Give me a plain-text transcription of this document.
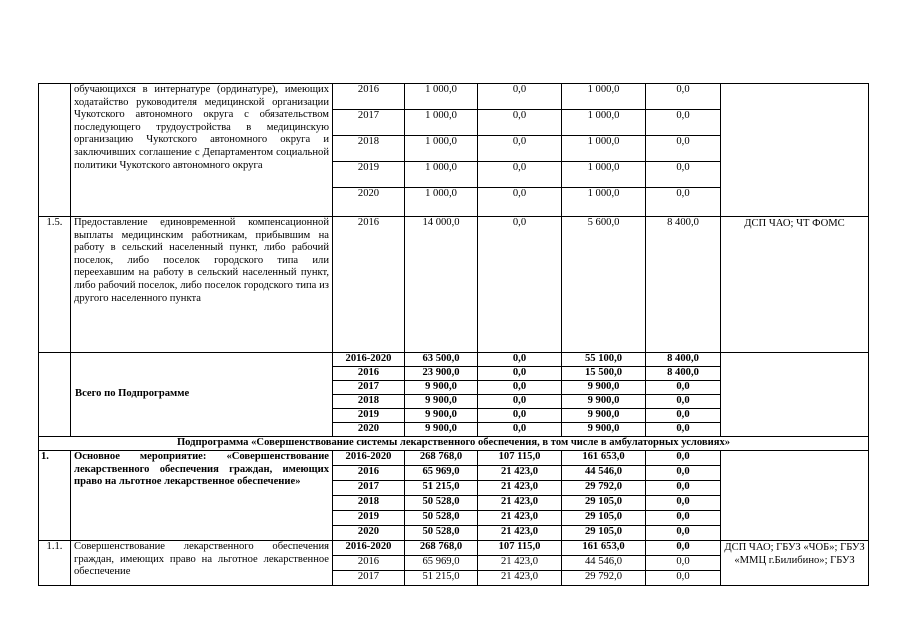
	обучающихся в интернатуре (ординатуре), имеющих ходатайство руководителя медицинской организации Чукотского автономного округа с обязательством последующего трудоустройства в медицинскую организацию Чукотского автономного округа и заключивших соглашение с Департаментом социальной политики Чукотского автономного округа	2016	1 000,0	0,0	1 000,0	0,0	
		2017	1 000,0	0,0	1 000,0	0,0	
		2018	1 000,0	0,0	1 000,0	0,0	
		2019	1 000,0	0,0	1 000,0	0,0	
		2020	1 000,0	0,0	1 000,0	0,0	
1.5.	Предоставление единовременной компенсационной выплаты медицинским работникам, прибывшим на работу в сельский населенный пункт, либо рабочий поселок, либо поселок городского типа или переехавшим на работу в сельский населенный пункт, либо рабочий поселок, либо поселок городского типа из другого населенного пункта	2016	14 000,0	0,0	5 600,0	8 400,0	ДСП ЧАО; ЧТ ФОМС
	Всего по Подпрограмме	2016-2020	63 500,0	0,0	55 100,0	8 400,0	
		2016	23 900,0	0,0	15 500,0	8 400,0	
		2017	9 900,0	0,0	9 900,0	0,0	
		2018	9 900,0	0,0	9 900,0	0,0	
		2019	9 900,0	0,0	9 900,0	0,0	
		2020	9 900,0	0,0	9 900,0	0,0	
Подпрограмма «Совершенствование системы лекарственного обеспечения, в том числе в амбулаторных условиях»							
1.	Основное мероприятие: «Совершенствование лекарственного обеспечения граждан, имеющих право на льготное лекарственное обеспечение»	2016-2020	268 768,0	107 115,0	161 653,0	0,0	
		2016	65 969,0	21 423,0	44 546,0	0,0	
		2017	51 215,0	21 423,0	29 792,0	0,0	
		2018	50 528,0	21 423,0	29 105,0	0,0	
		2019	50 528,0	21 423,0	29 105,0	0,0	
		2020	50 528,0	21 423,0	29 105,0	0,0	
1.1.	Совершенствование лекарственного обеспечения граждан, имеющих право на льготное лекарственное обеспечение	2016-2020	268 768,0	107 115,0	161 653,0	0,0	ДСП ЧАО; ГБУЗ «ЧОБ»; ГБУЗ «ММЦ г.Билибино»; ГБУЗ
		2016	65 969,0	21 423,0	44 546,0	0,0	
		2017	51 215,0	21 423,0	29 792,0	0,0	
